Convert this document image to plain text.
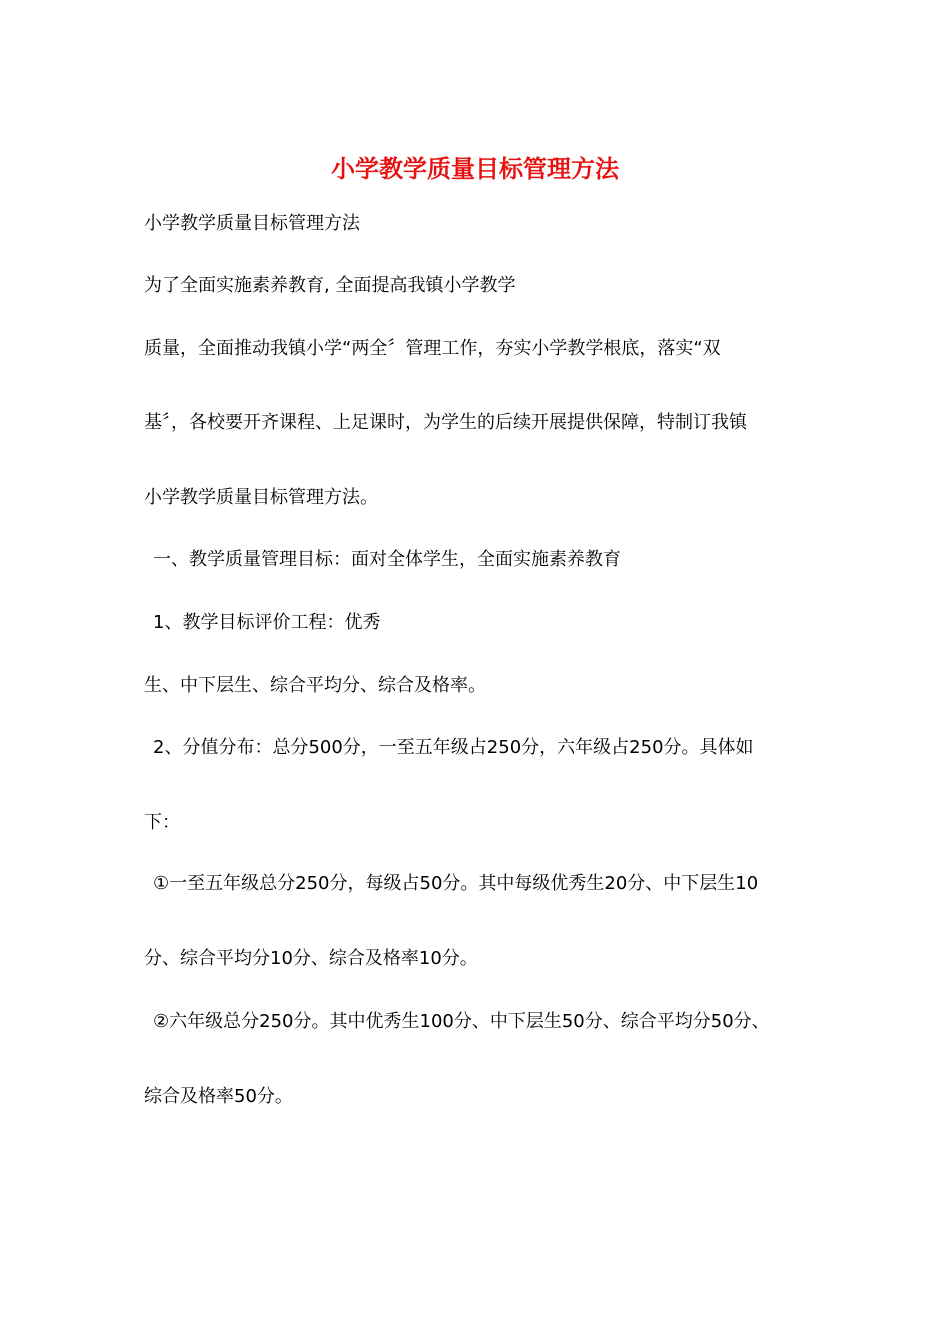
小学教学质量目标管理方法

小学教学质量目标管理方法

为了全面实施素养教育, 全面提高我镇小学教学

质量，全面推动我镇小学“两全〞管理工作，夯实小学教学根底，落实“双

基〞，各校要开齐课程、上足课时，为学生的后续开展提供保障，特制订我镇

小学教学质量目标管理方法。

一、教学质量管理目标：面对全体学生，全面实施素养教育

1、教学目标评价工程：优秀

生、中下层生、综合平均分、综合及格率。

2、分值分布：总分500分，一至五年级占250分，六年级占250分。具体如

下：

①一至五年级总分250分，每级占50分。其中每级优秀生20分、中下层生10

分、综合平均分10分、综合及格率10分。

②六年级总分250分。其中优秀生100分、中下层生50分、综合平均分50分、

综合及格率50分。
